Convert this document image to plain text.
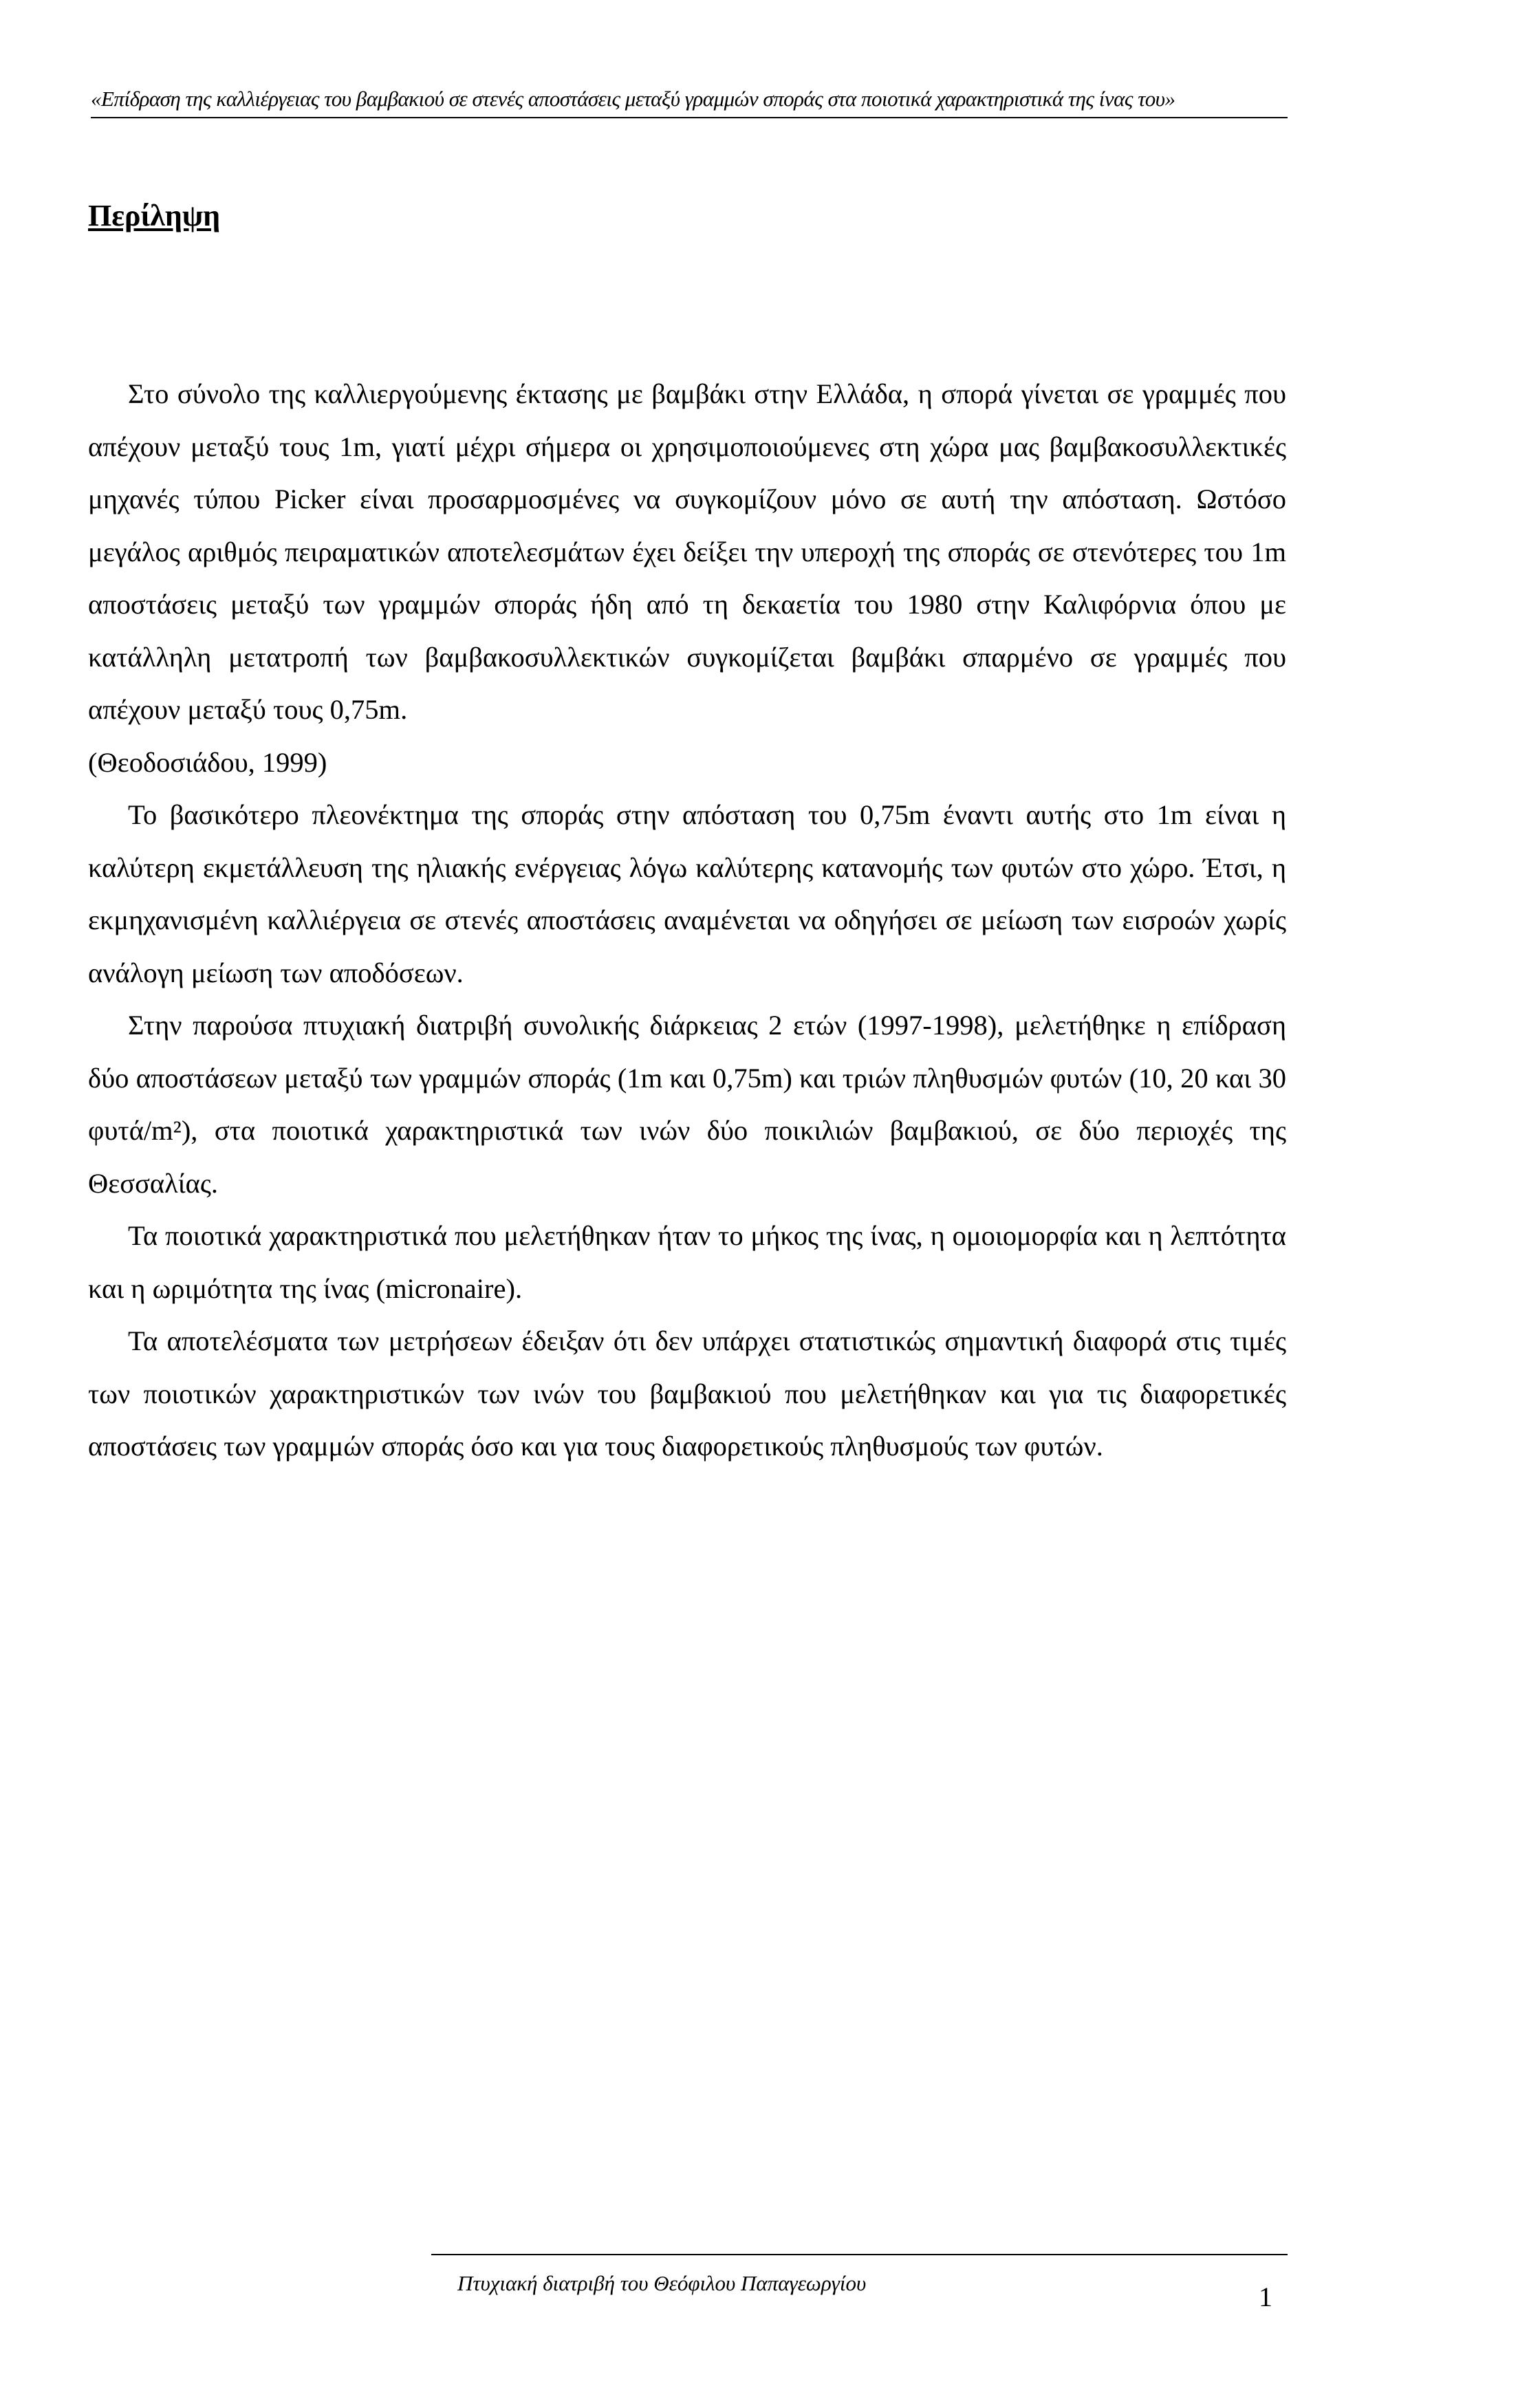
«Επίδραση της καλλιέργειας του βαμβακιού σε στενές αποστάσεις μεταξύ γραμμών σποράς στα ποιοτικά χαρακτηριστικά της ίνας του»
Περίληψη

Στο σύνολο της καλλιεργούμενης έκτασης με βαμβάκι στην Ελλάδα, η σπορά γίνεται σε γραμμές που απέχουν μεταξύ τους 1m, γιατί μέχρι σήμερα οι χρησιμοποιούμενες στη χώρα μας βαμβακοσυλλεκτικές μηχανές τύπου Picker είναι προσαρμοσμένες να συγκομίζουν μόνο σε αυτή την απόσταση. Ωστόσο μεγάλος αριθμός πειραματικών αποτελεσμάτων έχει δείξει την υπεροχή της σποράς σε στενότερες του 1m αποστάσεις μεταξύ των γραμμών σποράς ήδη από τη δεκαετία του 1980 στην Καλιφόρνια όπου με κατάλληλη μετατροπή των βαμβακοσυλλεκτικών συγκομίζεται βαμβάκι σπαρμένο σε γραμμές που απέχουν μεταξύ τους 0,75m.

(Θεοδοσιάδου, 1999)

Το βασικότερο πλεονέκτημα της σποράς στην απόσταση του 0,75m έναντι αυτής στο 1m είναι η καλύτερη εκμετάλλευση της ηλιακής ενέργειας λόγω καλύτερης κατανομής των φυτών στο χώρο. Έτσι, η εκμηχανισμένη καλλιέργεια σε στενές αποστάσεις αναμένεται να οδηγήσει σε μείωση των εισροών χωρίς ανάλογη μείωση των αποδόσεων.

Στην παρούσα πτυχιακή διατριβή συνολικής διάρκειας 2 ετών (1997-1998), μελετήθηκε η επίδραση δύο αποστάσεων μεταξύ των γραμμών σποράς (1m και 0,75m) και τριών πληθυσμών φυτών (10, 20 και 30 φυτά/m²), στα ποιοτικά χαρακτηριστικά των ινών δύο ποικιλιών βαμβακιού, σε δύο περιοχές της Θεσσαλίας.

Τα ποιοτικά χαρακτηριστικά που μελετήθηκαν ήταν το μήκος της ίνας, η ομοιομορφία και η λεπτότητα και η ωριμότητα της ίνας (micronaire).

Τα αποτελέσματα των μετρήσεων έδειξαν ότι δεν υπάρχει στατιστικώς σημαντική διαφορά στις τιμές των ποιοτικών χαρακτηριστικών των ινών του βαμβακιού που μελετήθηκαν και για τις διαφορετικές αποστάσεις των γραμμών σποράς όσο και για τους διαφορετικούς πληθυσμούς των φυτών.

Πτυχιακή διατριβή του Θεόφιλου Παπαγεωργίου	1
